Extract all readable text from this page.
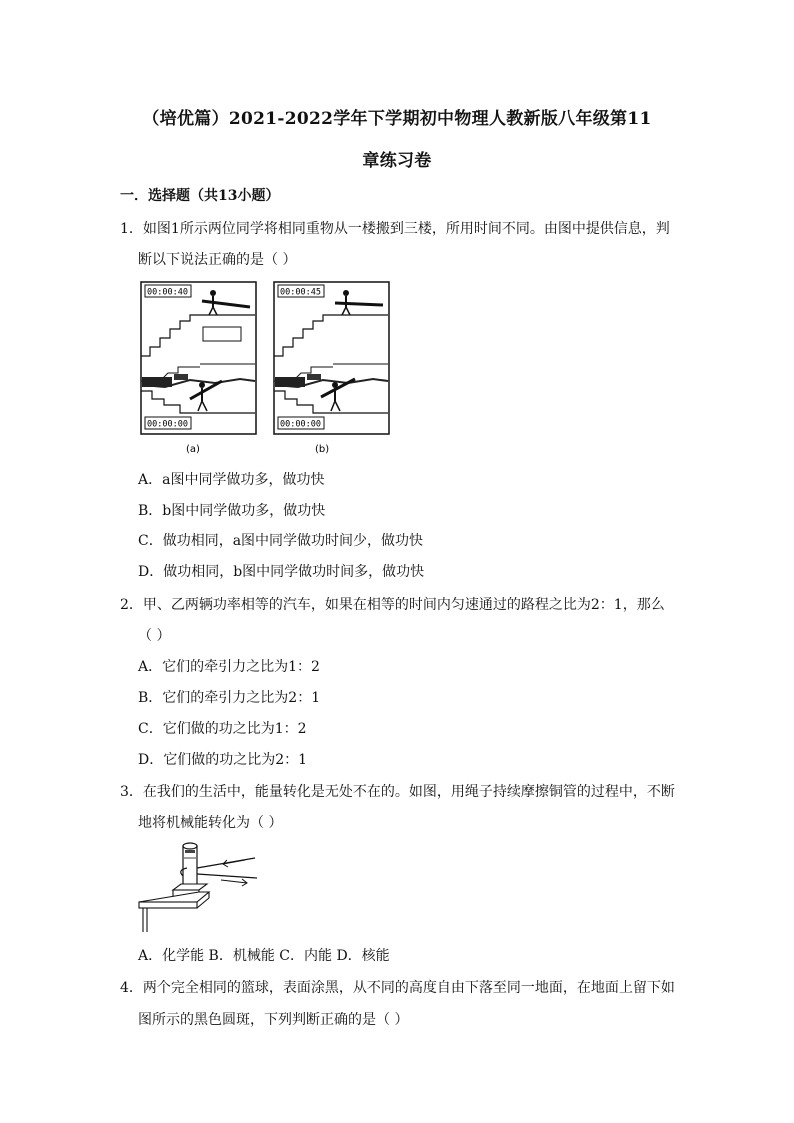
（培优篇）2021-2022学年下学期初中物理人教新版八年级第11
章练习卷
一．选择题（共13小题）
1．如图1所示两位同学将相同重物从一楼搬到三楼，所用时间不同。由图中提供信息，判
断以下说法正确的是（ ）
00:00:40
00:00:00
00:00:45
00:00:00
(a)	(b)
A．a图中同学做功多，做功快
B．b图中同学做功多，做功快
C．做功相同，a图中同学做功时间少，做功快
D．做功相同，b图中同学做功时间多，做功快
2．甲、乙两辆功率相等的汽车，如果在相等的时间内匀速通过的路程之比为2：1，那么
（ ）
A．它们的牵引力之比为1：2
B．它们的牵引力之比为2：1
C．它们做的功之比为1：2
D．它们做的功之比为2：1
3．在我们的生活中，能量转化是无处不在的。如图，用绳子持续摩擦铜管的过程中，不断
地将机械能转化为（ ）
A．化学能 B．机械能 C．内能 D．核能
4．两个完全相同的篮球，表面涂黑，从不同的高度自由下落至同一地面，在地面上留下如
图所示的黑色圆斑，下列判断正确的是（ ）
